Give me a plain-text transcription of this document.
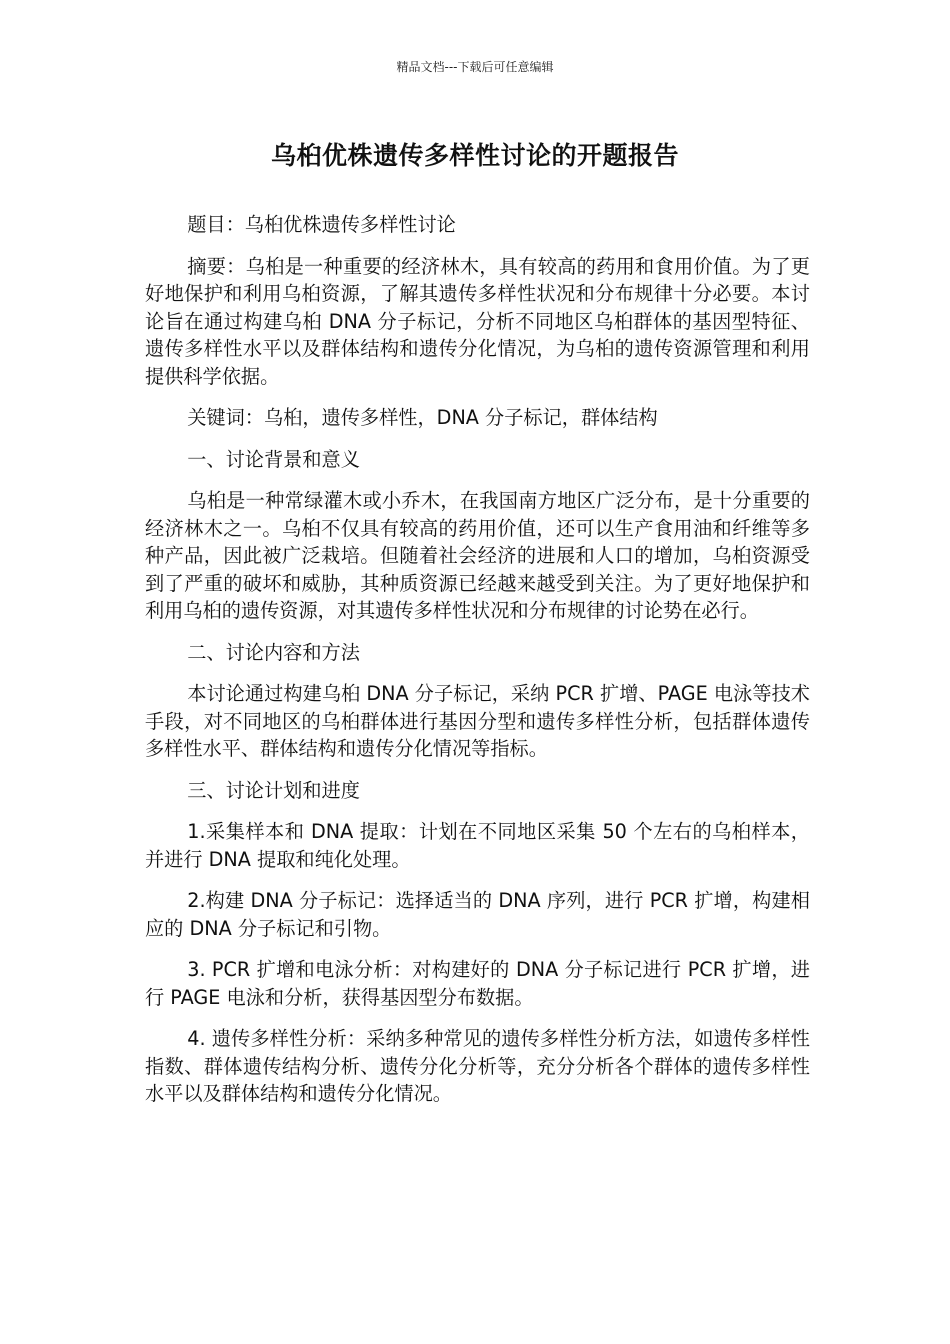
精品文档---下载后可任意编辑
乌桕优株遗传多样性讨论的开题报告

题目：乌桕优株遗传多样性讨论

摘要：乌桕是一种重要的经济林木，具有较高的药用和食用价值。为了更好地保护和利用乌桕资源，了解其遗传多样性状况和分布规律十分必要。本讨论旨在通过构建乌桕 DNA 分子标记，分析不同地区乌桕群体的基因型特征、遗传多样性水平以及群体结构和遗传分化情况，为乌桕的遗传资源管理和利用提供科学依据。

关键词：乌桕，遗传多样性，DNA 分子标记，群体结构

一、讨论背景和意义

乌桕是一种常绿灌木或小乔木，在我国南方地区广泛分布，是十分重要的经济林木之一。乌桕不仅具有较高的药用价值，还可以生产食用油和纤维等多种产品，因此被广泛栽培。但随着社会经济的进展和人口的增加，乌桕资源受到了严重的破坏和威胁，其种质资源已经越来越受到关注。为了更好地保护和利用乌桕的遗传资源，对其遗传多样性状况和分布规律的讨论势在必行。

二、讨论内容和方法

本讨论通过构建乌桕 DNA 分子标记，采纳 PCR 扩增、PAGE 电泳等技术手段，对不同地区的乌桕群体进行基因分型和遗传多样性分析，包括群体遗传多样性水平、群体结构和遗传分化情况等指标。

三、讨论计划和进度

1.采集样本和 DNA 提取：计划在不同地区采集 50 个左右的乌桕样本，并进行 DNA 提取和纯化处理。

2.构建 DNA 分子标记：选择适当的 DNA 序列，进行 PCR 扩增，构建相应的 DNA 分子标记和引物。

3. PCR 扩增和电泳分析：对构建好的 DNA 分子标记进行 PCR 扩增，进行 PAGE 电泳和分析，获得基因型分布数据。

4. 遗传多样性分析：采纳多种常见的遗传多样性分析方法，如遗传多样性指数、群体遗传结构分析、遗传分化分析等，充分分析各个群体的遗传多样性水平以及群体结构和遗传分化情况。
